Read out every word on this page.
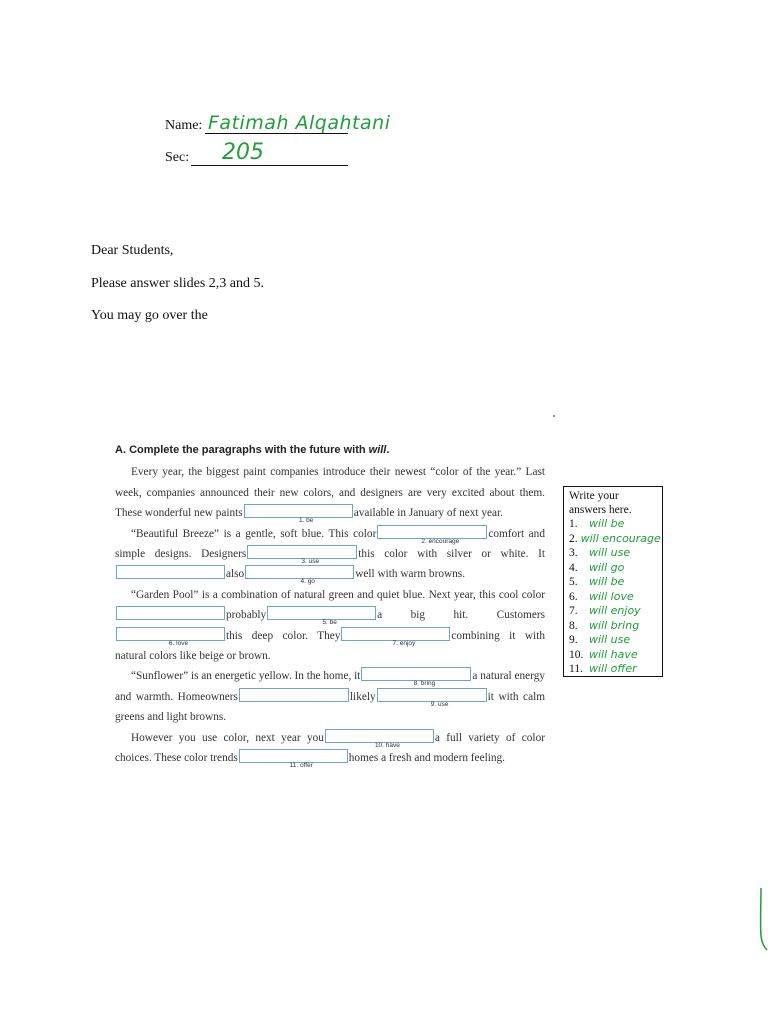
Name: Fatimah Alqahtani
Sec: 205
Dear Students,
Please answer slides 2,3 and 5.
You may go over the
A. Complete the paragraphs with the future with will.

Every year, the biggest paint companies introduce their newest “color of the year.” Last week, companies announced their new colors, and designers are very excited about them. These wonderful new paints
1. be
available in January of next year.

“Beautiful Breeze” is a gentle, soft blue. This color
2. encourage
comfort and simple designs. Designers
3. use
this color with silver or white. Italso
4. go
well with warm browns.

“Garden Pool” is a combination of natural green and quiet blue. Next year, this cool colorprobably
5. be
a big hit. Customers
6. love
this deep color. They
7. enjoy
combining it with natural colors like beige or brown.

“Sunflower” is an energetic yellow. In the home, it
8. bring
a natural energy and warmth. Homeowners	likely
9. use
it with calm greens and light browns.

However you use color, next year you
10. have
a full variety of color choices. These color trends
11. offer
homes a fresh and modern feeling.

Write your
answers here.
1.	will be
2. will encourage
3.	will use
4.	will go
5.	will be
6.	will love
7.	will enjoy
8.	will bring
9.	will use
10. will have
11. will offer
